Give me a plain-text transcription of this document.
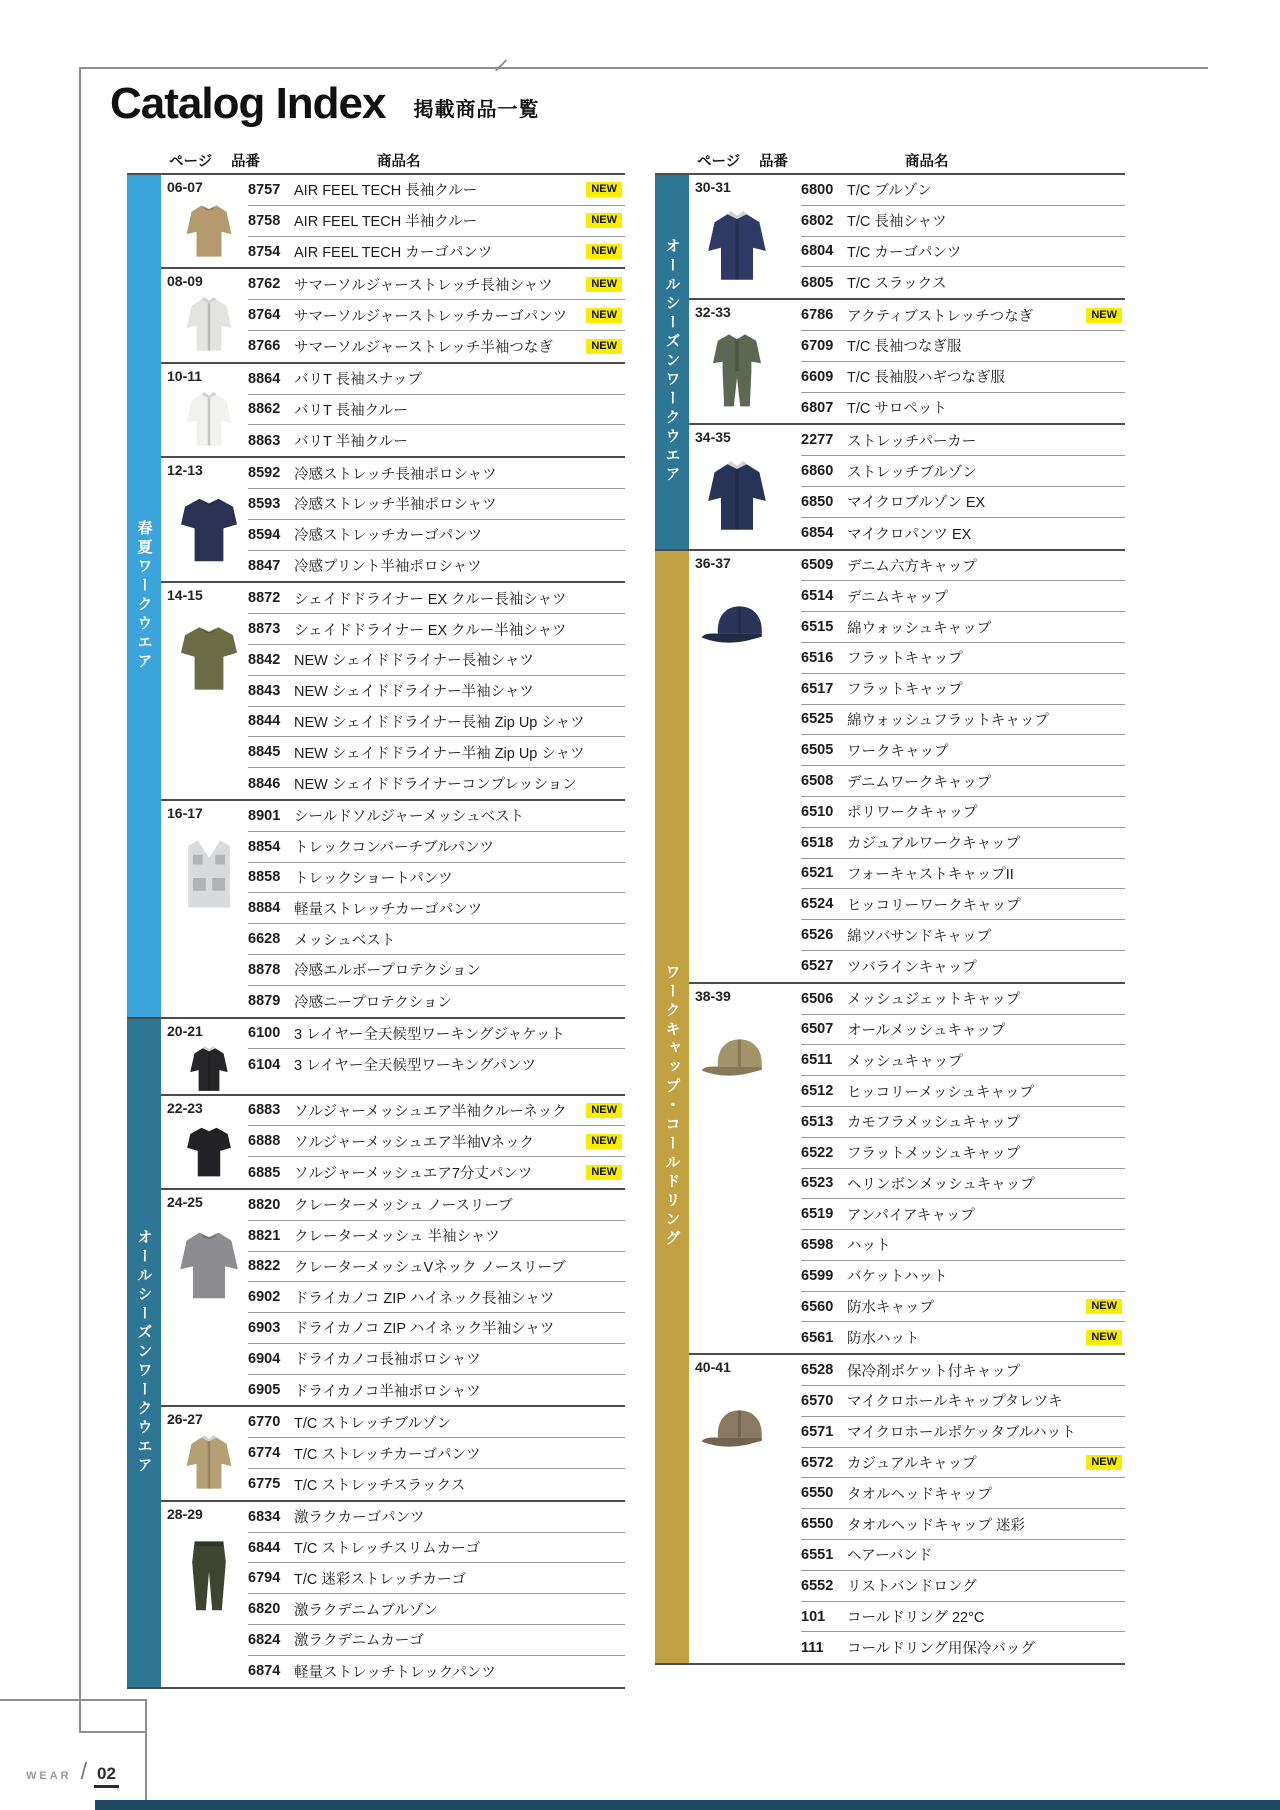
Catalog Index 掲載商品一覧
ページ 品番	商品名
春夏ワークウエア
06-07	8757 AIR FEEL TECH 長袖クルー	NEW
8758 AIR FEEL TECH 半袖クルー	NEW
8754 AIR FEEL TECH カーゴパンツ	NEW
08-09	8762 サマーソルジャーストレッチ長袖シャツ	NEW
8764 サマーソルジャーストレッチカーゴパンツ	NEW
8766 サマーソルジャーストレッチ半袖つなぎ	NEW
10-11	8864 バリT 長袖スナップ
8862 バリT 長袖クルー
8863 バリT 半袖クルー
12-13	8592 冷感ストレッチ長袖ポロシャツ
8593 冷感ストレッチ半袖ポロシャツ
8594 冷感ストレッチカーゴパンツ
8847 冷感プリント半袖ポロシャツ
14-15	8872 シェイドドライナー EX クルー長袖シャツ
8873 シェイドドライナー EX クルー半袖シャツ
8842 NEW シェイドドライナー長袖シャツ
8843 NEW シェイドドライナー半袖シャツ
8844 NEW シェイドドライナー長袖 Zip Up シャツ
8845 NEW シェイドドライナー半袖 Zip Up シャツ
8846 NEW シェイドドライナーコンプレッション
16-17	8901 シールドソルジャーメッシュベスト
8854 トレックコンバーチブルパンツ
8858 トレックショートパンツ
8884 軽量ストレッチカーゴパンツ
6628 メッシュベスト
8878 冷感エルボープロテクション
8879 冷感ニープロテクション
オールシーズンワークウエア
20-21	6100 3 レイヤー全天候型ワーキングジャケット
6104 3 レイヤー全天候型ワーキングパンツ
22-23	6883 ソルジャーメッシュエア半袖クルーネック	NEW
6888 ソルジャーメッシュエア半袖Vネック	NEW
6885 ソルジャーメッシュエア7分丈パンツ	NEW
24-25	8820 クレーターメッシュ ノースリーブ
8821 クレーターメッシュ 半袖シャツ
8822 クレーターメッシュVネック ノースリーブ
6902 ドライカノコ ZIP ハイネック長袖シャツ
6903 ドライカノコ ZIP ハイネック半袖シャツ
6904 ドライカノコ長袖ポロシャツ
6905 ドライカノコ半袖ポロシャツ
26-27	6770 T/C ストレッチブルゾン
6774 T/C ストレッチカーゴパンツ
6775 T/C ストレッチスラックス
28-29	6834 激ラクカーゴパンツ
6844 T/C ストレッチスリムカーゴ
6794 T/C 迷彩ストレッチカーゴ
6820 激ラクデニムブルゾン
6824 激ラクデニムカーゴ
6874 軽量ストレッチトレックパンツ
ページ 品番	商品名
オールシーズンワークウエア
30-31	6800 T/C ブルゾン
6802 T/C 長袖シャツ
6804 T/C カーゴパンツ
6805 T/C スラックス
32-33	6786 アクティブストレッチつなぎ	NEW
6709 T/C 長袖つなぎ服
6609 T/C 長袖股ハギつなぎ服
6807 T/C サロペット
34-35	2277 ストレッチパーカー
6860 ストレッチブルゾン
6850 マイクロブルゾン EX
6854 マイクロパンツ EX
ワークキャップ・コールドリング
36-37	6509 デニム六方キャップ
6514 デニムキャップ
6515 綿ウォッシュキャップ
6516 フラットキャップ
6517 フラットキャップ
6525 綿ウォッシュフラットキャップ
6505 ワークキャップ
6508 デニムワークキャップ
6510 ポリワークキャップ
6518 カジュアルワークキャップ
6521 フォーキャストキャップII
6524 ヒッコリーワークキャップ
6526 綿ツバサンドキャップ
6527 ツバラインキャップ
38-39	6506 メッシュジェットキャップ
6507 オールメッシュキャップ
6511	メッシュキャップ
6512 ヒッコリーメッシュキャップ
6513 カモフラメッシュキャップ
6522 フラットメッシュキャップ
6523 ヘリンボンメッシュキャップ
6519 アンパイアキャップ
6598 ハット
6599 バケットハット
6560 防水キャップ	NEW
6561 防水ハット	NEW
40-41	6528 保冷剤ポケット付キャップ
6570 マイクロホールキャップタレツキ
6571 マイクロホールポケッタブルハット
6572 カジュアルキャップ	NEW
6550 タオルヘッドキャップ
6550 タオルヘッドキャップ 迷彩
6551 ヘアーバンド
6552 リストバンドロング
101	コールドリング 22°C
111	コールドリング用保冷バッグ
WEAR / 02
